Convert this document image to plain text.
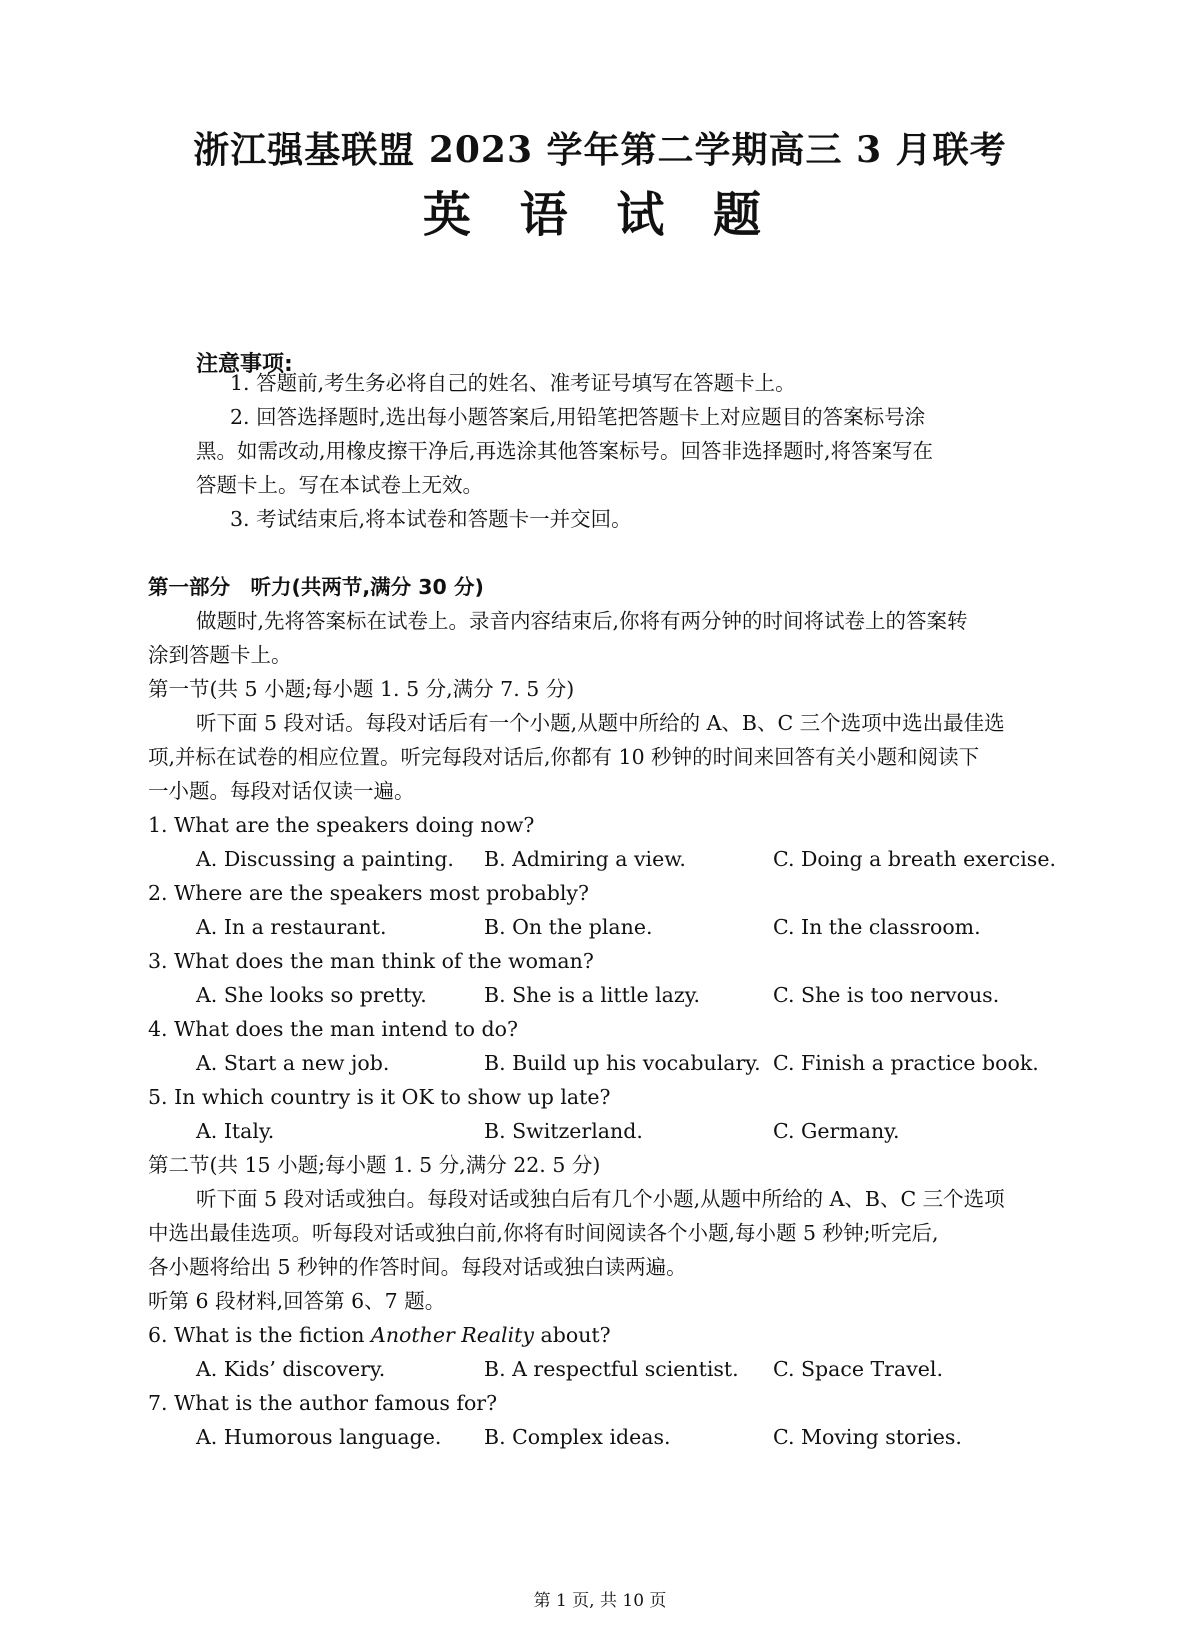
浙江强基联盟 2023 学年第二学期高三 3 月联考
英 语 试 题
注意事项:
1. 答题前,考生务必将自己的姓名、准考证号填写在答题卡上。
2. 回答选择题时,选出每小题答案后,用铅笔把答题卡上对应题目的答案标号涂
黑。如需改动,用橡皮擦干净后,再选涂其他答案标号。回答非选择题时,将答案写在
答题卡上。写在本试卷上无效。
3. 考试结束后,将本试卷和答题卡一并交回。
第一部分　听力(共两节,满分 30 分)
做题时,先将答案标在试卷上。录音内容结束后,你将有两分钟的时间将试卷上的答案转
涂到答题卡上。
第一节(共 5 小题;每小题 1. 5 分,满分 7. 5 分)
听下面 5 段对话。每段对话后有一个小题,从题中所给的 A、B、C 三个选项中选出最佳选
项,并标在试卷的相应位置。听完每段对话后,你都有 10 秒钟的时间来回答有关小题和阅读下
一小题。每段对话仅读一遍。
1. What are the speakers doing now?
A. Discussing a painting. B. Admiring a view.	C. Doing a breath exercise.
2. Where are the speakers most probably?
A. In a restaurant.	B. On the plane.	C. In the classroom.
3. What does the man think of the woman?
A. She looks so pretty.	B. She is a little lazy.	C. She is too nervous.
4. What does the man intend to do?
A. Start a new job.	B. Build up his vocabulary. C. Finish a practice book.
5. In which country is it OK to show up late?
A. Italy.	B. Switzerland.	C. Germany.
第二节(共 15 小题;每小题 1. 5 分,满分 22. 5 分)
听下面 5 段对话或独白。每段对话或独白后有几个小题,从题中所给的 A、B、C 三个选项
中选出最佳选项。听每段对话或独白前,你将有时间阅读各个小题,每小题 5 秒钟;听完后,
各小题将给出 5 秒钟的作答时间。每段对话或独白读两遍。
听第 6 段材料,回答第 6、7 题。
6. What is the fiction Another Reality about?
A. Kids’ discovery.	B. A respectful scientist. C. Space Travel.
7. What is the author famous for?
A. Humorous language. B. Complex ideas.	C. Moving stories.
第 1 页, 共 10 页
